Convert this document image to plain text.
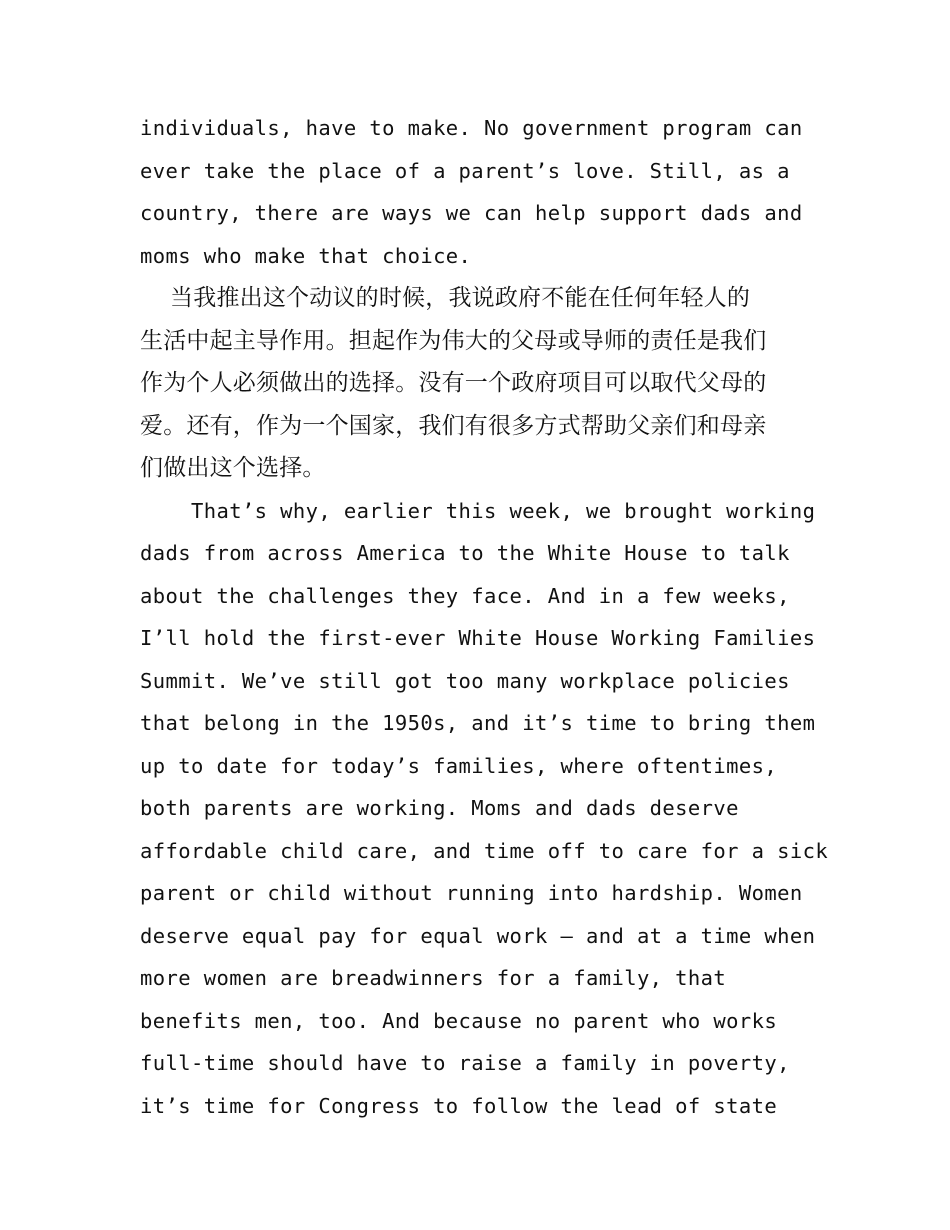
individuals, have to make. No government program can
ever take the place of a parent’s love. Still, as a
country, there are ways we can help support dads and
moms who make that choice.
当我推出这个动议的时候，我说政府不能在任何年轻人的
生活中起主导作用。担起作为伟大的父母或导师的责任是我们
作为个人必须做出的选择。没有一个政府项目可以取代父母的
爱。还有，作为一个国家，我们有很多方式帮助父亲们和母亲
们做出这个选择。
That’s why, earlier this week, we brought working
dads from across America to the White House to talk
about the challenges they face. And in a few weeks,
I’ll hold the first-ever White House Working Families
Summit. We’ve still got too many workplace policies
that belong in the 1950s, and it’s time to bring them
up to date for today’s families, where oftentimes,
both parents are working. Moms and dads deserve
affordable child care, and time off to care for a sick
parent or child without running into hardship. Women
deserve equal pay for equal work – and at a time when
more women are breadwinners for a family, that
benefits men, too. And because no parent who works
full-time should have to raise a family in poverty,
it’s time for Congress to follow the lead of state
